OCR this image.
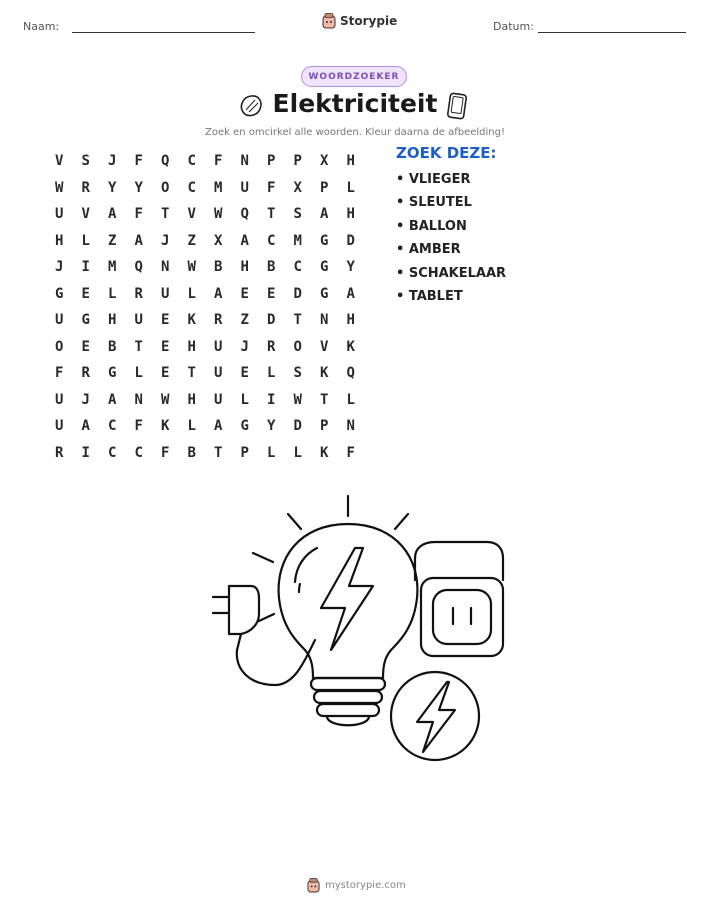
Naam:	Storypie	Datum:
WOORDZOEKER
Elektriciteit
Zoek en omcirkel alle woorden. Kleur daarna de afbeelding!
V	S	J	F	Q	C	F	N	P	P	X	H
W	R	Y	Y	O	C	M	U	F	X	P	L
U	V	A	F	T	V	W	Q	T	S	A	H
H	L	Z	A	J	Z	X	A	C	M	G	D
J	I	M	Q	N	W	B	H	B	C	G	Y
G	E	L	R	U	L	A	E	E	D	G	A
U	G	H	U	E	K	R	Z	D	T	N	H
O	E	B	T	E	H	U	J	R	O	V	K
F	R	G	L	E	T	U	E	L	S	K	Q
U	J	A	N	W	H	U	L	I	W	T	L
U	A	C	F	K	L	A	G	Y	D	P	N
R	I	C	C	F	B	T	P	L	L	K	F
ZOEK DEZE:
• VLIEGER
• SLEUTEL
• BALLON
• AMBER
• SCHAKELAAR
• TABLET
mystorypie.com
